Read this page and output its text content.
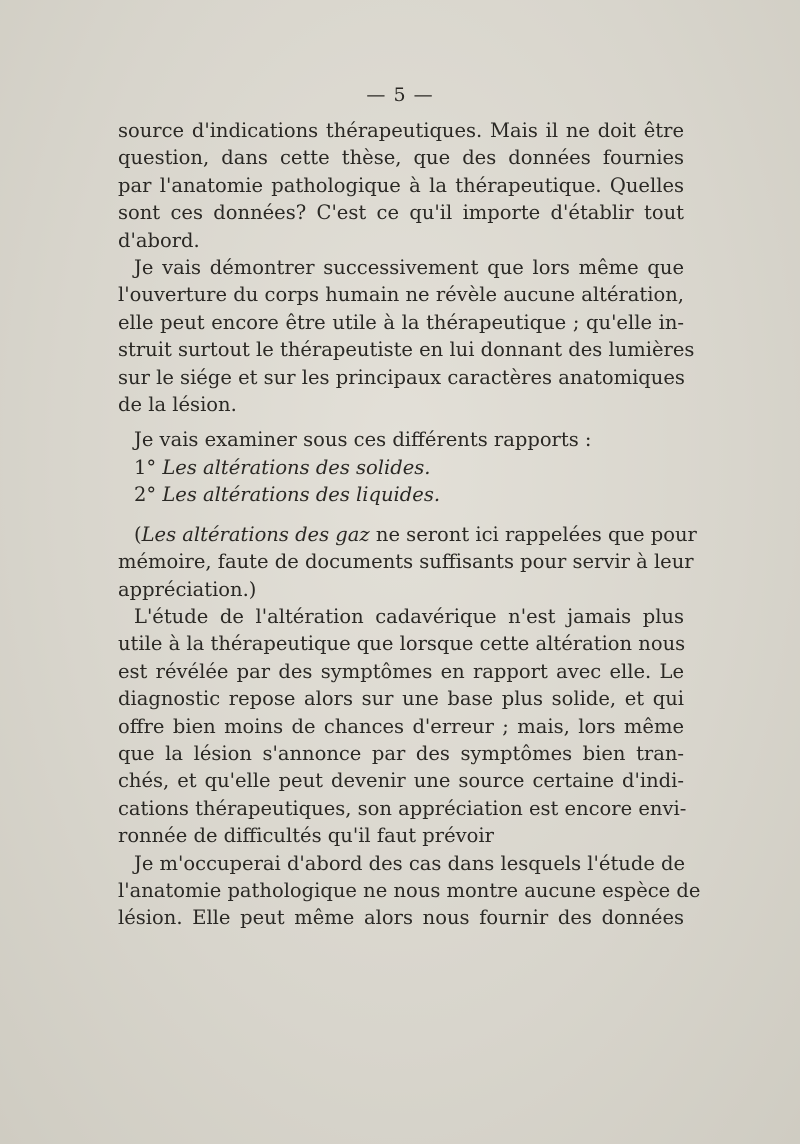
— 5 —
source d'indications thérapeutiques. Mais il ne doit être
question, dans cette thèse, que des données fournies
par l'anatomie pathologique à la thérapeutique. Quelles
sont ces données? C'est ce qu'il importe d'établir tout
d'abord.
Je vais démontrer successivement que lors même que
l'ouverture du corps humain ne révèle aucune altération,
elle peut encore être utile à la thérapeutique ; qu'elle in-
struit surtout le thérapeutiste en lui donnant des lumières
sur le siége et sur les principaux caractères anatomiques
de la lésion.
Je vais examiner sous ces différents rapports :
1° Les altérations des solides.
2° Les altérations des liquides.
(Les altérations des gaz ne seront ici rappelées que pour
mémoire, faute de documents suffisants pour servir à leur
appréciation.)
L'étude de l'altération cadavérique n'est jamais plus
utile à la thérapeutique que lorsque cette altération nous
est révélée par des symptômes en rapport avec elle. Le
diagnostic repose alors sur une base plus solide, et qui
offre bien moins de chances d'erreur ; mais, lors même
que la lésion s'annonce par des symptômes bien tran-
chés, et qu'elle peut devenir une source certaine d'indi-
cations thérapeutiques, son appréciation est encore envi-
ronnée de difficultés qu'il faut prévoir
Je m'occuperai d'abord des cas dans lesquels l'étude de
l'anatomie pathologique ne nous montre aucune espèce de
lésion. Elle peut même alors nous fournir des données
